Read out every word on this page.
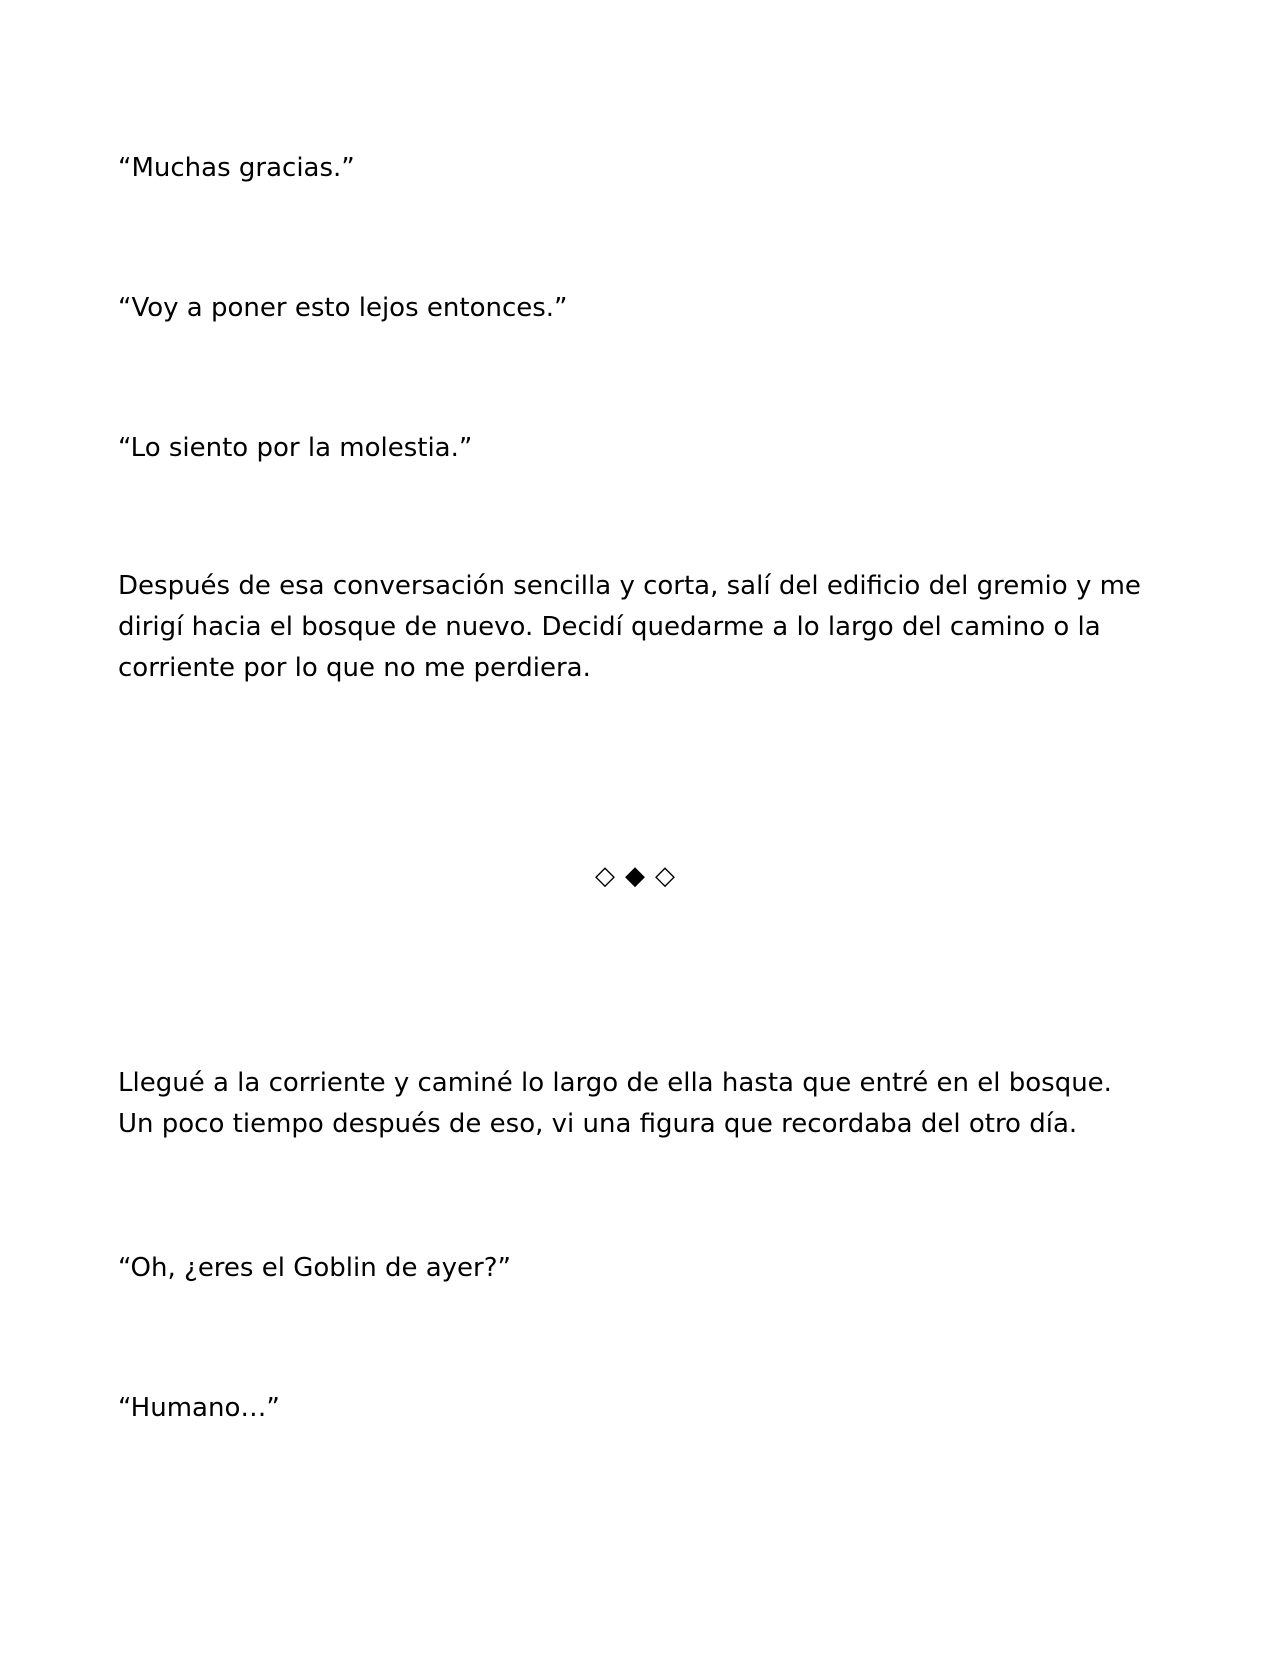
“Muchas gracias.”

“Voy a poner esto lejos entonces.”

“Lo siento por la molestia.”

Después de esa conversación sencilla y corta, salí del edificio del gremio y me
dirigí hacia el bosque de nuevo. Decidí quedarme a lo largo del camino o la
corriente por lo que no me perdiera.

◇◆◇

Llegué a la corriente y caminé lo largo de ella hasta que entré en el bosque.
Un poco tiempo después de eso, vi una figura que recordaba del otro día.

“Oh, ¿eres el Goblin de ayer?”

“Humano…”
